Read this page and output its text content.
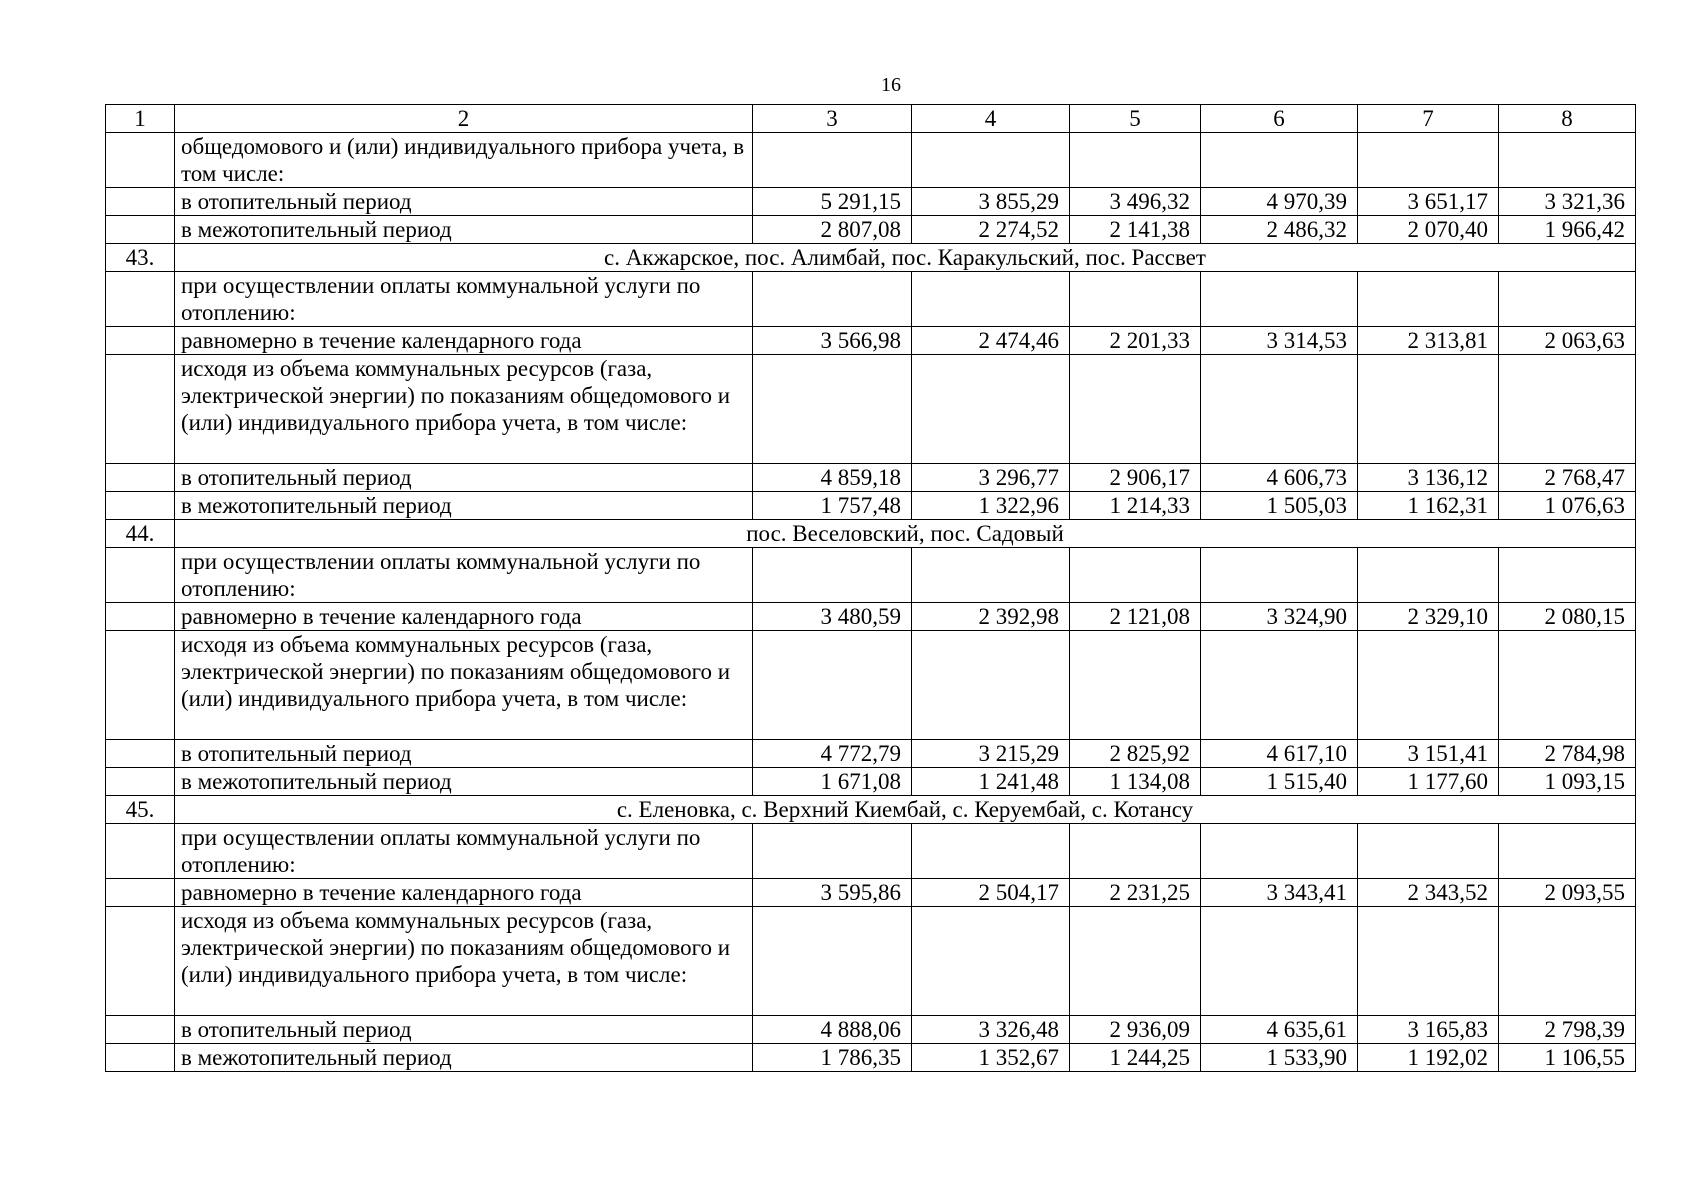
16
1	2	3	4	5	6	7	8
	общедомового и (или) индивидуального прибора учета, в том числе:						
	в отопительный период	5 291,15	3 855,29	3 496,32	4 970,39	3 651,17	3 321,36
	в межотопительный период	2 807,08	2 274,52	2 141,38	2 486,32	2 070,40	1 966,42
43.	с. Акжарское, пос. Алимбай, пос. Каракульский, пос. Рассвет						
	при осуществлении оплаты коммунальной услуги по отоплению:						
	равномерно в течение календарного года	3 566,98	2 474,46	2 201,33	3 314,53	2 313,81	2 063,63
	исходя из объема коммунальных ресурсов (газа, электрической энергии) по показаниям общедомового и (или) индивидуального прибора учета, в том числе:						
	в отопительный период	4 859,18	3 296,77	2 906,17	4 606,73	3 136,12	2 768,47
	в межотопительный период	1 757,48	1 322,96	1 214,33	1 505,03	1 162,31	1 076,63
44.	пос. Веселовский, пос. Садовый						
	при осуществлении оплаты коммунальной услуги по отоплению:						
	равномерно в течение календарного года	3 480,59	2 392,98	2 121,08	3 324,90	2 329,10	2 080,15
	исходя из объема коммунальных ресурсов (газа, электрической энергии) по показаниям общедомового и (или) индивидуального прибора учета, в том числе:						
	в отопительный период	4 772,79	3 215,29	2 825,92	4 617,10	3 151,41	2 784,98
	в межотопительный период	1 671,08	1 241,48	1 134,08	1 515,40	1 177,60	1 093,15
45.	с. Еленовка, с. Верхний Киембай, с. Керуембай, с. Котансу						
	при осуществлении оплаты коммунальной услуги по отоплению:						
	равномерно в течение календарного года	3 595,86	2 504,17	2 231,25	3 343,41	2 343,52	2 093,55
	исходя из объема коммунальных ресурсов (газа, электрической энергии) по показаниям общедомового и (или) индивидуального прибора учета, в том числе:						
	в отопительный период	4 888,06	3 326,48	2 936,09	4 635,61	3 165,83	2 798,39
	в межотопительный период	1 786,35	1 352,67	1 244,25	1 533,90	1 192,02	1 106,55
